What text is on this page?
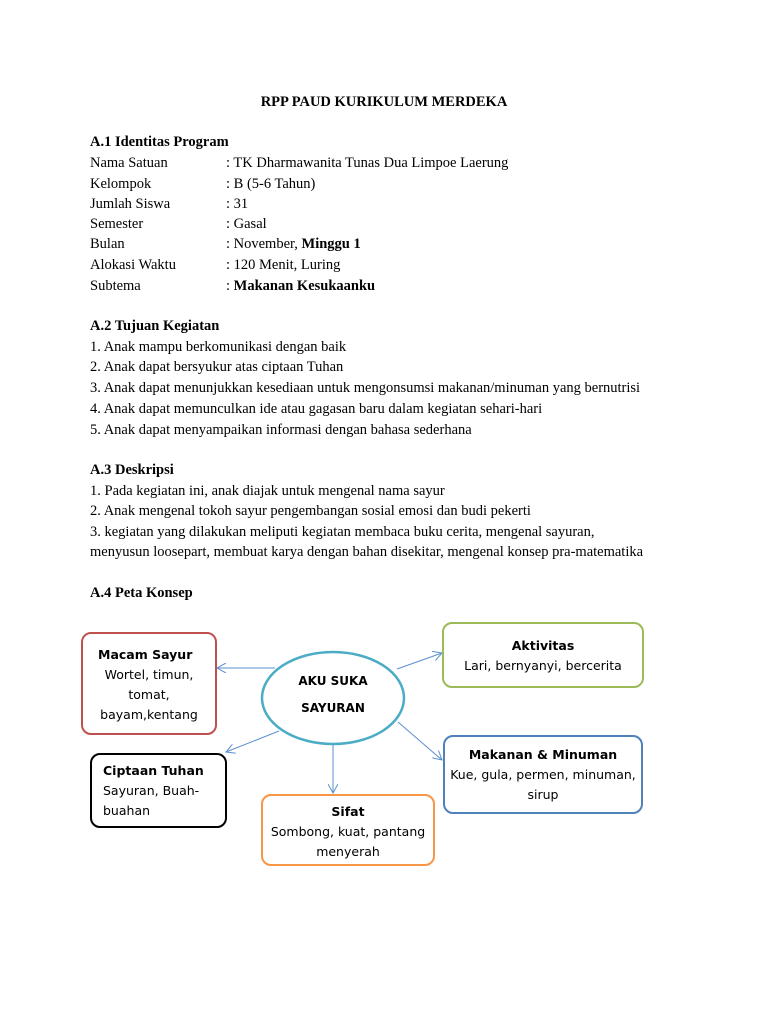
RPP PAUD KURIKULUM MERDEKA
A.1 Identitas Program
Nama Satuan	: TK Dharmawanita Tunas Dua Limpoe Laerung
Kelompok	: B (5-6 Tahun)
Jumlah Siswa	: 31
Semester	: Gasal
Bulan	: November, Minggu 1
Alokasi Waktu	: 120 Menit, Luring
Subtema	: Makanan Kesukaanku
A.2 Tujuan Kegiatan
1. Anak mampu berkomunikasi dengan baik
2. Anak dapat bersyukur atas ciptaan Tuhan
3. Anak dapat menunjukkan kesediaan untuk mengonsumsi makanan/minuman yang bernutrisi
4. Anak dapat memunculkan ide atau gagasan baru dalam kegiatan sehari-hari
5. Anak dapat menyampaikan informasi dengan bahasa sederhana
A.3 Deskripsi
1. Pada kegiatan ini, anak diajak untuk mengenal nama sayur
2. Anak mengenal tokoh sayur pengembangan sosial emosi dan budi pekerti
3. kegiatan yang dilakukan meliputi kegiatan membaca buku cerita, mengenal sayuran,
menyusun loosepart, membuat karya dengan bahan disekitar, mengenal konsep pra-matematika
A.4 Peta Konsep
AKU SUKA
SAYURAN
Macam Sayur
Wortel, timun,
tomat,
bayam,kentang
Aktivitas
Lari, bernyanyi, bercerita
Ciptaan Tuhan
Sayuran, Buah-
buahan
Makanan & Minuman
Kue, gula, permen, minuman,
sirup
Sifat
Sombong, kuat, pantang
menyerah
